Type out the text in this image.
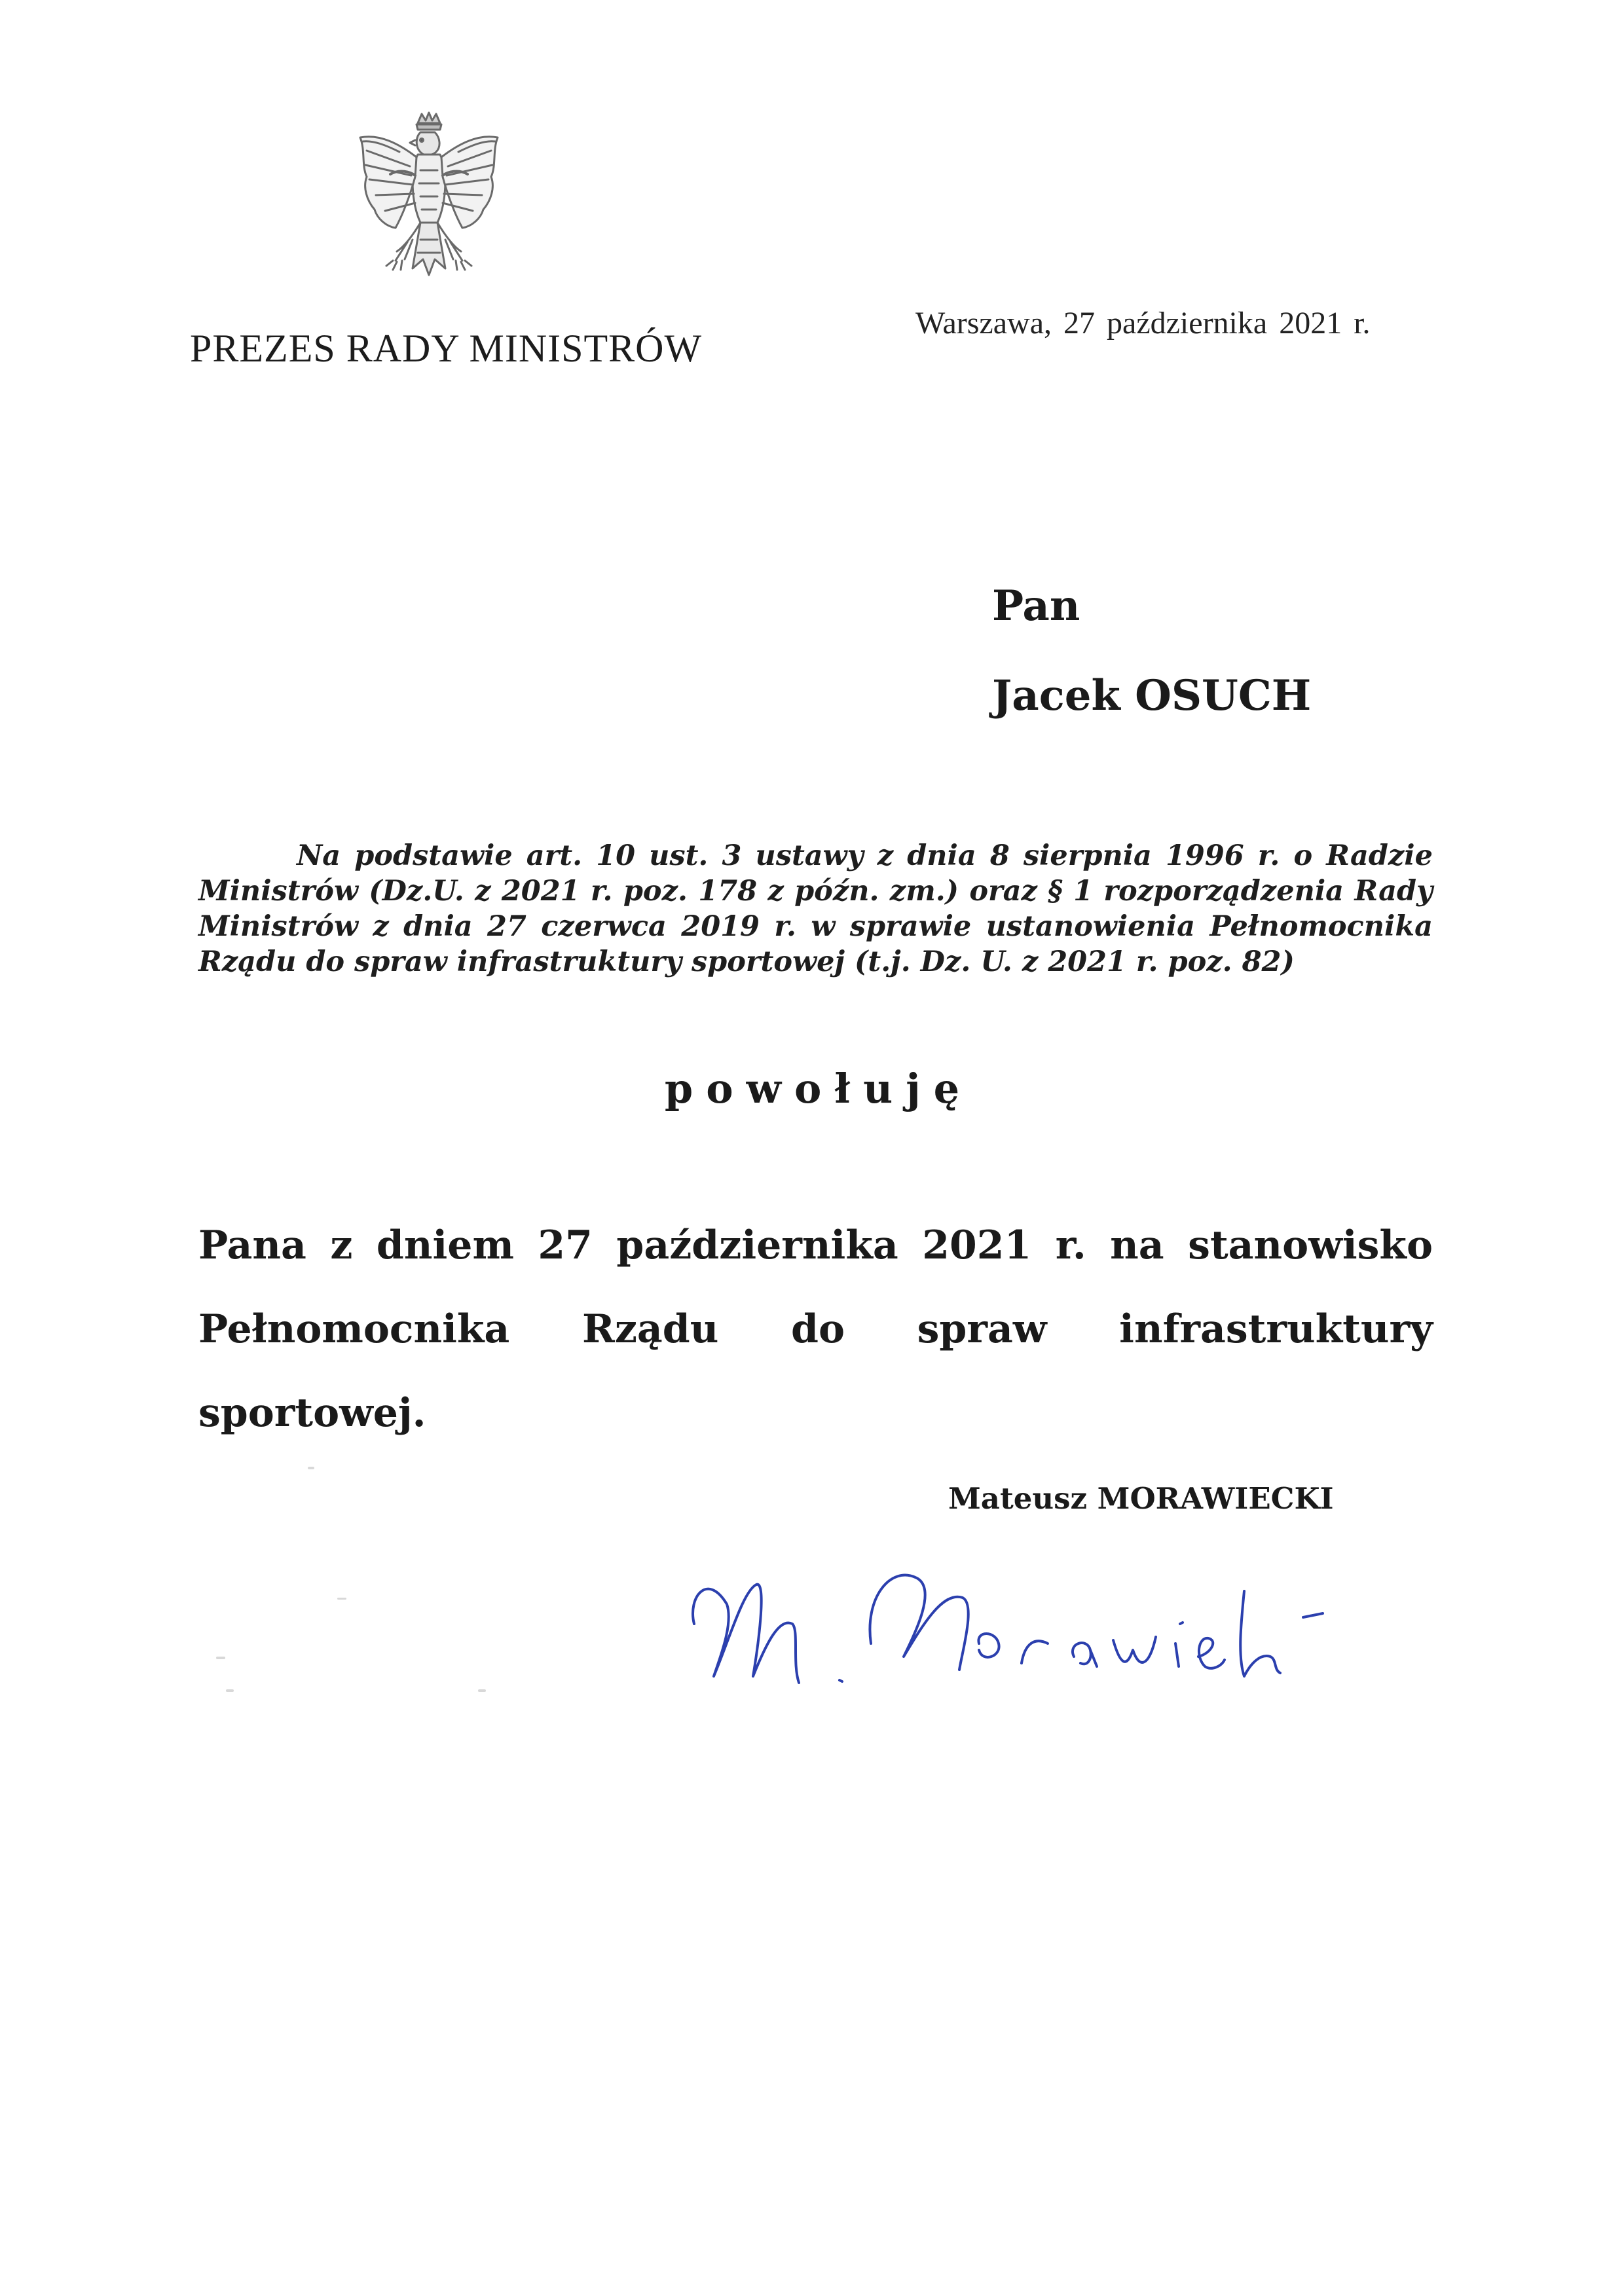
PREZES RADY MINISTRÓW
Warszawa, 27 października 2021 r.
Pan
Jacek OSUCH
Na podstawie art. 10 ust. 3 ustawy z dnia 8 sierpnia 1996 r. o Radzie Ministrów (Dz.U. z 2021 r. poz. 178 z późn. zm.) oraz § 1 rozporządzenia Rady Ministrów z dnia 27 czerwca 2019 r. w sprawie ustanowienia Pełnomocnika Rządu do spraw infrastruktury sportowej (t.j. Dz. U. z 2021 r. poz. 82)
powołuję
Pana z dniem 27 października 2021 r. na stanowisko Pełnomocnika Rządu do spraw infrastruktury sportowej.
Mateusz MORAWIECKI
